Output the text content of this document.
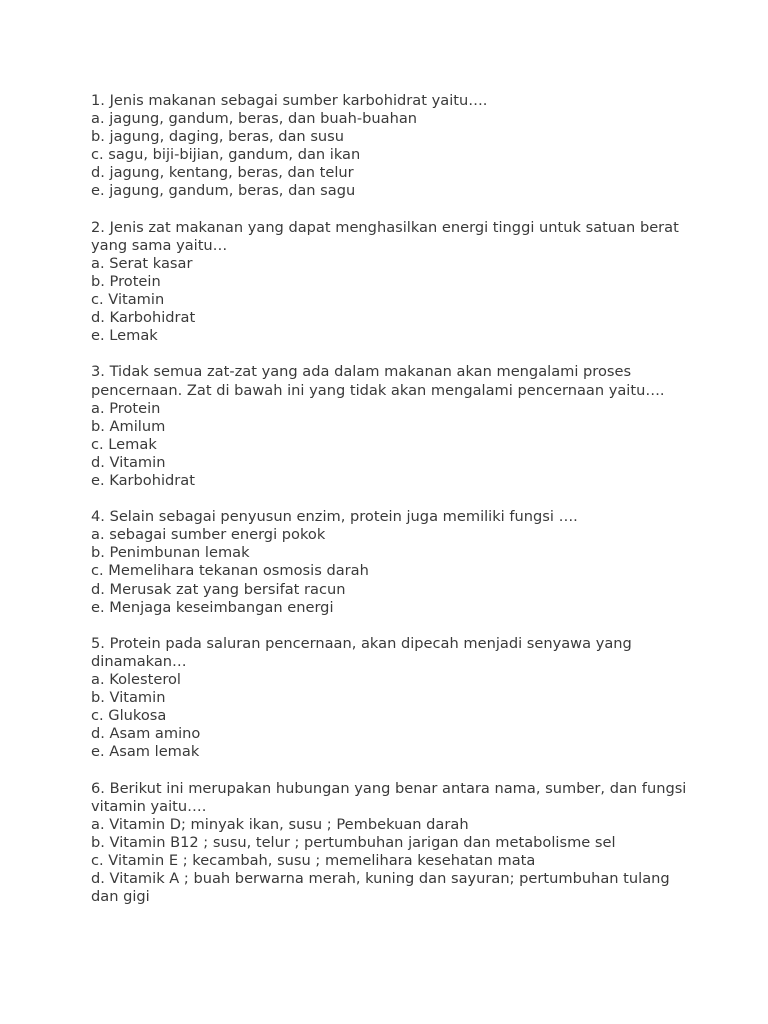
1. Jenis makanan sebagai sumber karbohidrat yaitu….
a. jagung, gandum, beras, dan buah-buahan
b. jagung, daging, beras, dan susu
c. sagu, biji-bijian, gandum, dan ikan
d. jagung, kentang, beras, dan telur
e. jagung, gandum, beras, dan sagu
2. Jenis zat makanan yang dapat menghasilkan energi tinggi untuk satuan berat yang sama yaitu…
a. Serat kasar
b. Protein
c. Vitamin
d. Karbohidrat
e. Lemak
3. Tidak semua zat-zat yang ada dalam makanan akan mengalami proses pencernaan. Zat di bawah ini yang tidak akan mengalami pencernaan yaitu….
a. Protein
b. Amilum
c. Lemak
d. Vitamin
e. Karbohidrat
4. Selain sebagai penyusun enzim, protein juga memiliki fungsi ….
a. sebagai sumber energi pokok
b. Penimbunan lemak
c. Memelihara tekanan osmosis darah
d. Merusak zat yang bersifat racun
e. Menjaga keseimbangan energi
5. Protein pada saluran pencernaan, akan dipecah menjadi senyawa yang dinamakan…
a. Kolesterol
b. Vitamin
c. Glukosa
d. Asam amino
e. Asam lemak
6. Berikut ini merupakan hubungan yang benar antara nama, sumber, dan fungsi vitamin yaitu….
a. Vitamin D; minyak ikan, susu ; Pembekuan darah
b. Vitamin B12 ; susu, telur ; pertumbuhan jarigan dan metabolisme sel
c. Vitamin E ; kecambah, susu ; memelihara kesehatan mata
d. Vitamik A ; buah berwarna merah, kuning dan sayuran; pertumbuhan tulang dan gigi
